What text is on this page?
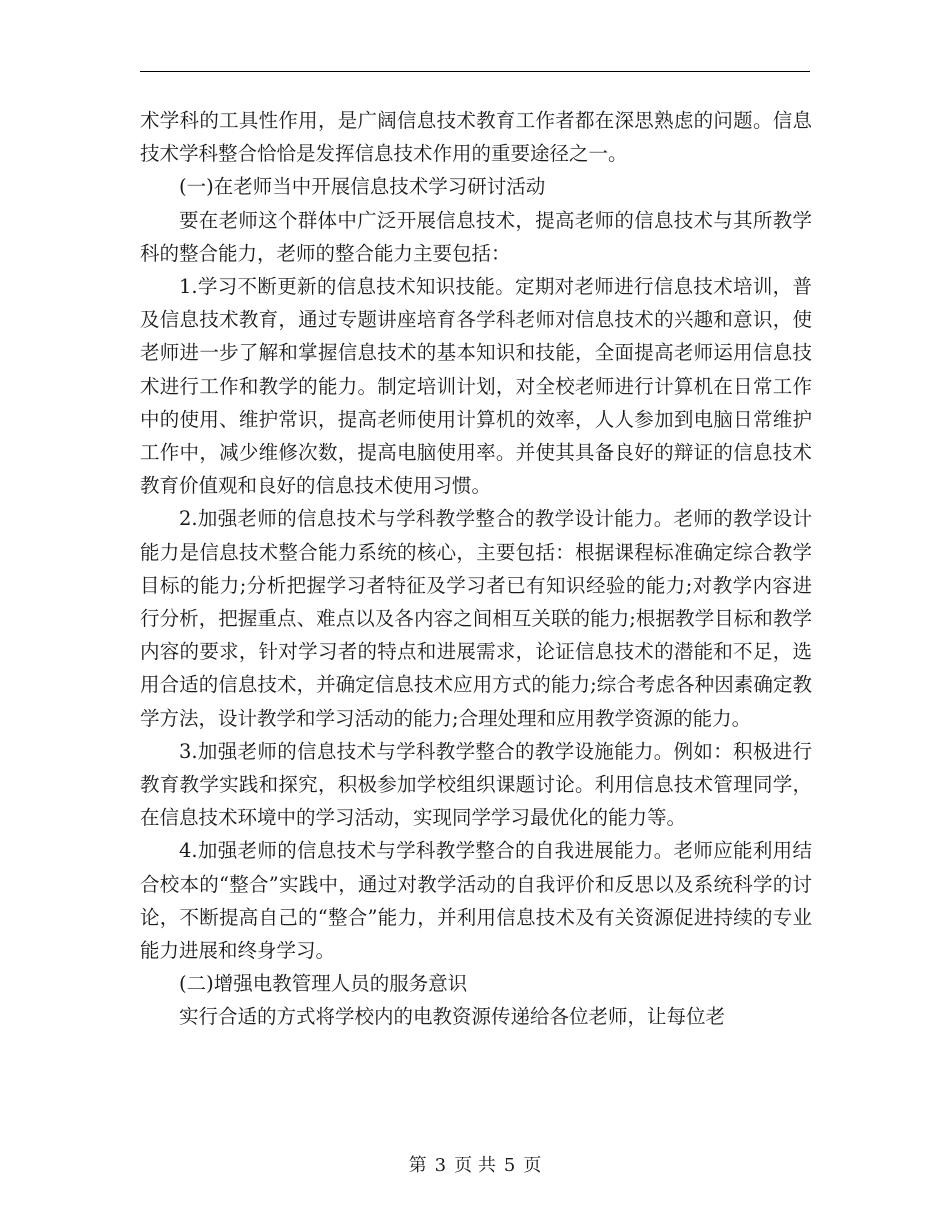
术学科的工具性作用，是广阔信息技术教育工作者都在深思熟虑的问题。信息技术学科整合恰恰是发挥信息技术作用的重要途径之一。

(一)在老师当中开展信息技术学习研讨活动

要在老师这个群体中广泛开展信息技术，提高老师的信息技术与其所教学科的整合能力，老师的整合能力主要包括：

1.学习不断更新的信息技术知识技能。定期对老师进行信息技术培训，普及信息技术教育，通过专题讲座培育各学科老师对信息技术的兴趣和意识，使老师进一步了解和掌握信息技术的基本知识和技能，全面提高老师运用信息技术进行工作和教学的能力。制定培训计划，对全校老师进行计算机在日常工作中的使用、维护常识，提高老师使用计算机的效率，人人参加到电脑日常维护工作中，减少维修次数，提高电脑使用率。并使其具备良好的辩证的信息技术教育价值观和良好的信息技术使用习惯。

2.加强老师的信息技术与学科教学整合的教学设计能力。老师的教学设计能力是信息技术整合能力系统的核心，主要包括：根据课程标准确定综合教学目标的能力;分析把握学习者特征及学习者已有知识经验的能力;对教学内容进行分析，把握重点、难点以及各内容之间相互关联的能力;根据教学目标和教学内容的要求，针对学习者的特点和进展需求，论证信息技术的潜能和不足，选用合适的信息技术，并确定信息技术应用方式的能力;综合考虑各种因素确定教学方法，设计教学和学习活动的能力;合理处理和应用教学资源的能力。

3.加强老师的信息技术与学科教学整合的教学设施能力。例如：积极进行教育教学实践和探究，积极参加学校组织课题讨论。利用信息技术管理同学，在信息技术环境中的学习活动，实现同学学习最优化的能力等。

4.加强老师的信息技术与学科教学整合的自我进展能力。老师应能利用结合校本的“整合”实践中，通过对教学活动的自我评价和反思以及系统科学的讨论，不断提高自己的“整合”能力，并利用信息技术及有关资源促进持续的专业能力进展和终身学习。

(二)增强电教管理人员的服务意识

实行合适的方式将学校内的电教资源传递给各位老师，让每位老

第 3 页 共 5 页
